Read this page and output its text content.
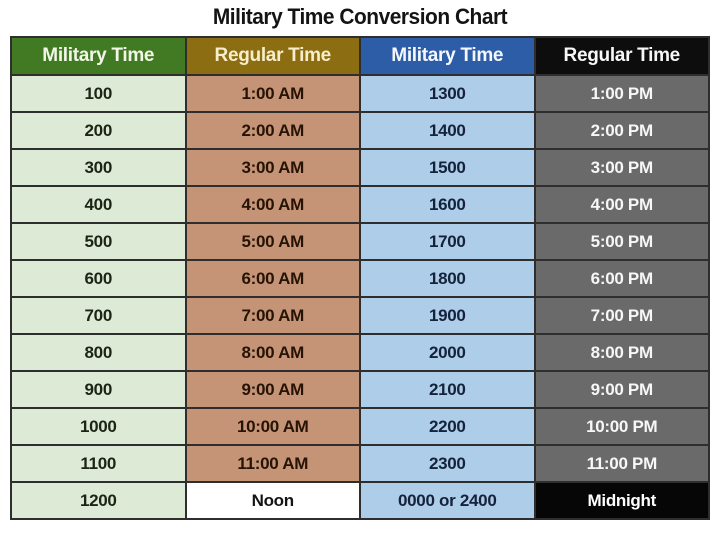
Military Time Conversion Chart
Military Time	Regular Time	Military Time	Regular Time
100	1:00 AM	1300	1:00 PM
200	2:00 AM	1400	2:00 PM
300	3:00 AM	1500	3:00 PM
400	4:00 AM	1600	4:00 PM
500	5:00 AM	1700	5:00 PM
600	6:00 AM	1800	6:00 PM
700	7:00 AM	1900	7:00 PM
800	8:00 AM	2000	8:00 PM
900	9:00 AM	2100	9:00 PM
1000	10:00 AM	2200	10:00 PM
1100	11:00 AM	2300	11:00 PM
1200	Noon	0000 or 2400	Midnight
